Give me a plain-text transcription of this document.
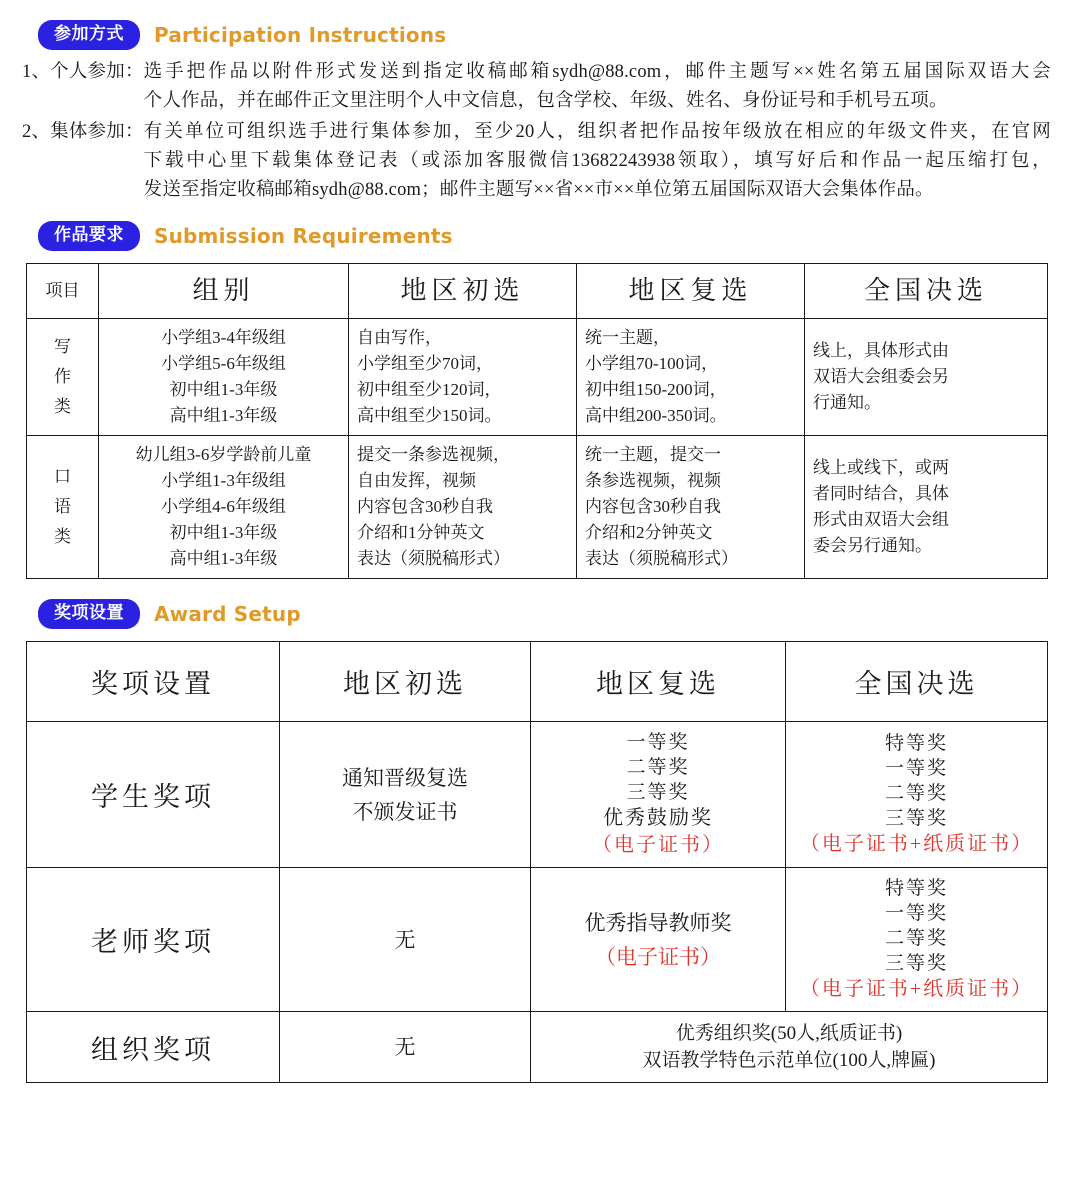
参加方式	Participation Instructions
1、个人参加： 选手把作品以附件形式发送到指定收稿邮箱sydh@88.com，邮件主题写××姓名第五届国际双语大会
个人作品，并在邮件正文里注明个人中文信息，包含学校、年级、姓名、身份证号和手机号五项。
2、集体参加： 有关单位可组织选手进行集体参加，至少20人，组织者把作品按年级放在相应的年级文件夹，在官网
下载中心里下载集体登记表（或添加客服微信13682243938领取），填写好后和作品一起压缩打包，
发送至指定收稿邮箱sydh@88.com；邮件主题写××省××市××单位第五届国际双语大会集体作品。
作品要求	Submission Requirements
项目	组别	地区初选	地区复选	全国决选

写
作
类	小学组3-4年级组
小学组5-6年级组
初中组1-3年级
高中组1-3年级	自由写作，
小学组至少70词，
初中组至少120词，
高中组至少150词。	统一主题，
小学组70-100词，
初中组150-200词，
高中组200-350词。	线上，具体形式由
双语大会组委会另
行通知。

口
语
类	幼儿组3-6岁学龄前儿童
小学组1-3年级组
小学组4-6年级组
初中组1-3年级
高中组1-3年级	提交一条参选视频，
自由发挥，视频
内容包含30秒自我
介绍和1分钟英文
表达（须脱稿形式）	统一主题，提交一
条参选视频，视频
内容包含30秒自我
介绍和2分钟英文
表达（须脱稿形式）	线上或线下，或两
者同时结合，具体
形式由双语大会组
委会另行通知。
奖项设置	Award Setup
奖项设置	地区初选	地区复选	全国决选
学生奖项	通知晋级复选
不颁发证书	一等奖
二等奖
三等奖
优秀鼓励奖
（电子证书）	特等奖
一等奖
二等奖
三等奖
（电子证书+纸质证书）

老师奖项	无	优秀指导教师奖
（电子证书）	特等奖
一等奖
二等奖
三等奖
（电子证书+纸质证书）

组织奖项	无	优秀组织奖(50人,纸质证书)
双语教学特色示范单位(100人,牌匾)	
